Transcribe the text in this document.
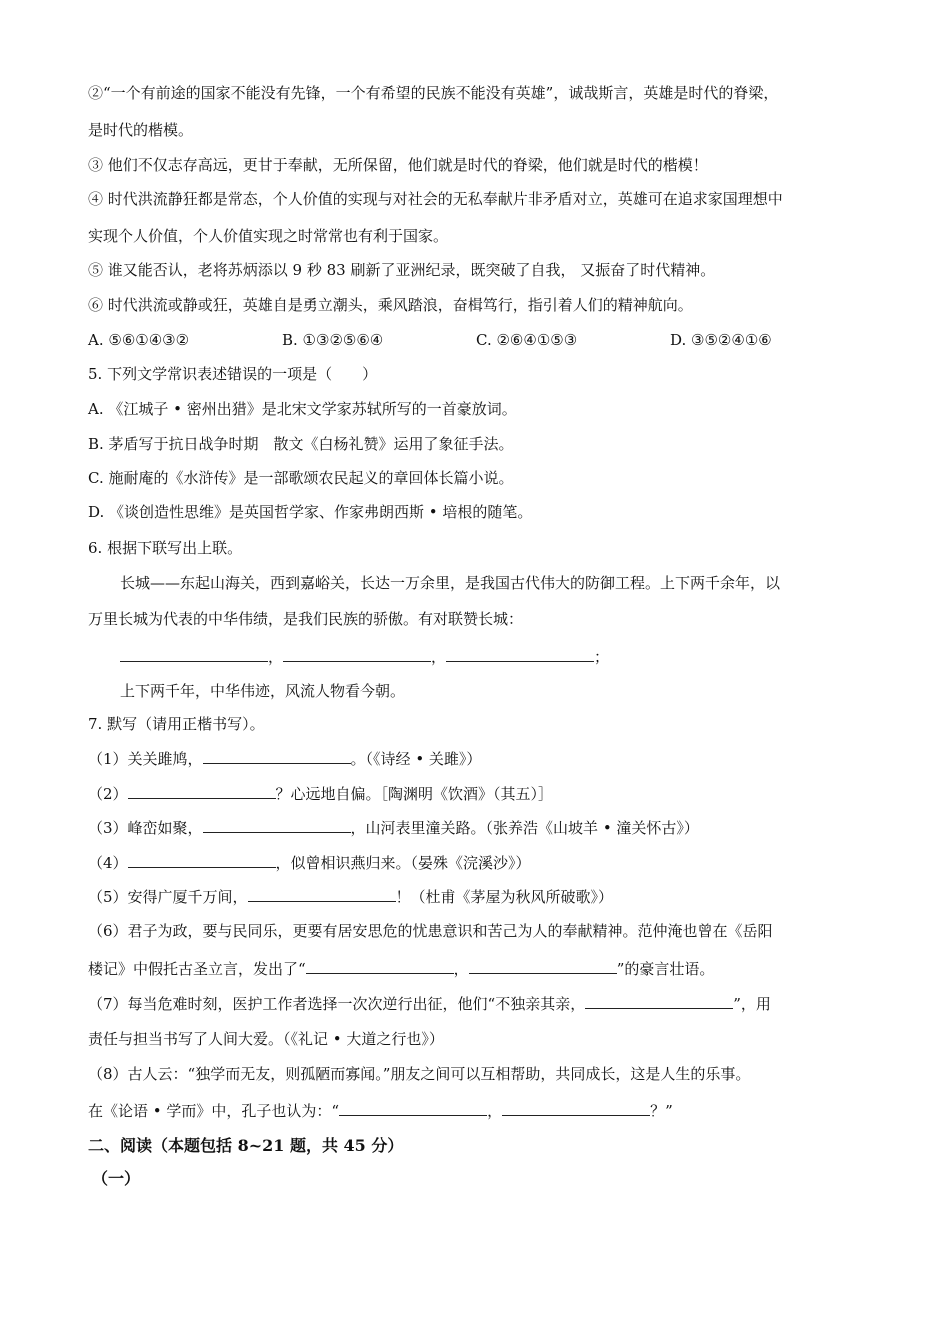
②“一个有前途的国家不能没有先锋，一个有希望的民族不能没有英雄”，诚哉斯言，英雄是时代的脊梁，
是时代的楷模。
③ 他们不仅志存高远，更甘于奉献，无所保留，他们就是时代的脊梁，他们就是时代的楷模！
④ 时代洪流静狂都是常态，个人价值的实现与对社会的无私奉献片非矛盾对立，英雄可在追求家国理想中
实现个人价值，个人价值实现之时常常也有利于国家。
⑤ 谁又能否认，老将苏炳添以 9 秒 83 刷新了亚洲纪录，既突破了自我， 又振奋了时代精神。
⑥ 时代洪流或静或狂，英雄自是勇立潮头，乘风踏浪，奋楫笃行，指引着人们的精神航向。
A. ⑤⑥①④③②	B. ①③②⑤⑥④	C. ②⑥④①⑤③	D. ③⑤②④①⑥
5. 下列文学常识表述错误的一项是（　　）
A. 《江城子 • 密州出猎》是北宋文学家苏轼所写的一首豪放词。
B. 茅盾写于抗日战争时期　散文《白杨礼赞》运用了象征手法。
C. 施耐庵的《水浒传》是一部歌颂农民起义的章回体长篇小说。
D. 《谈创造性思维》是英国哲学家、作家弗朗西斯 • 培根的随笔。
6. 根据下联写出上联。
长城——东起山海关，西到嘉峪关，长达一万余里，是我国古代伟大的防御工程。上下两千余年，以
万里长城为代表的中华伟绩，是我们民族的骄傲。有对联赞长城：
，	，	；
上下两千年，中华伟迹，风流人物看今朝。
7. 默写（请用正楷书写）。
（1）关关雎鸠，	。（《诗经 • 关雎》）
（2）	？心远地自偏。［陶渊明《饮酒》（其五）］
（3）峰峦如聚，	，山河表里潼关路。（张养浩《山坡羊 • 潼关怀古》）
（4）	，似曾相识燕归来。（晏殊《浣溪沙》）
（5）安得广厦千万间，	！（杜甫《茅屋为秋风所破歌》）
（6）君子为政，要与民同乐，更要有居安思危的忧患意识和苦己为人的奉献精神。范仲淹也曾在《岳阳
楼记》中假托古圣立言，发出了“	，	”的豪言壮语。
（7）每当危难时刻，医护工作者选择一次次逆行出征，他们“不独亲其亲，	”，用
责任与担当书写了人间大爱。（《礼记 • 大道之行也》）
（8）古人云：“独学而无友，则孤陋而寡闻。”朋友之间可以互相帮助，共同成长，这是人生的乐事。
在《论语 • 学而》中，孔子也认为：“	，	？”
二、阅读（本题包括 8~21 题，共 45 分）
（一）
